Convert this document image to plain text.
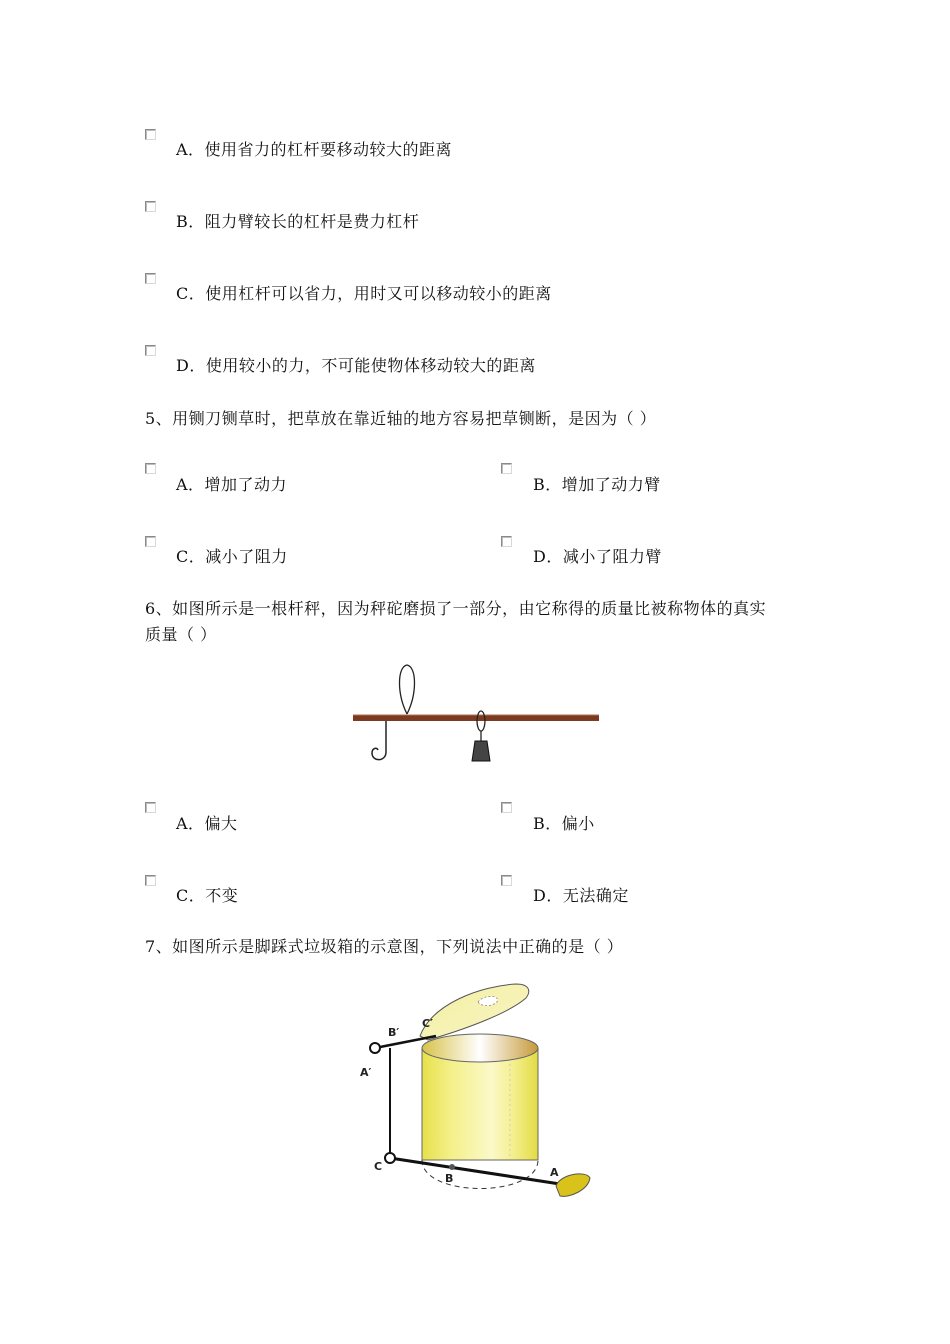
A．使用省力的杠杆要移动较大的距离
B．阻力臂较长的杠杆是费力杠杆
C．使用杠杆可以省力，用时又可以移动较小的距离
D．使用较小的力，不可能使物体移动较大的距离
5、用铡刀铡草时，把草放在靠近轴的地方容易把草铡断，是因为（ ）
A．增加了动力	B．增加了动力臂
C．减小了阻力	D．减小了阻力臂
6、如图所示是一根杆秤，因为秤砣磨损了一部分，由它称得的质量比被称物体的真实
质量（ ）
A．偏大	B．偏小
C．不变	D．无法确定
7、如图所示是脚踩式垃圾箱的示意图，下列说法中正确的是（ ）
B′
C′
A′
C
B	A
